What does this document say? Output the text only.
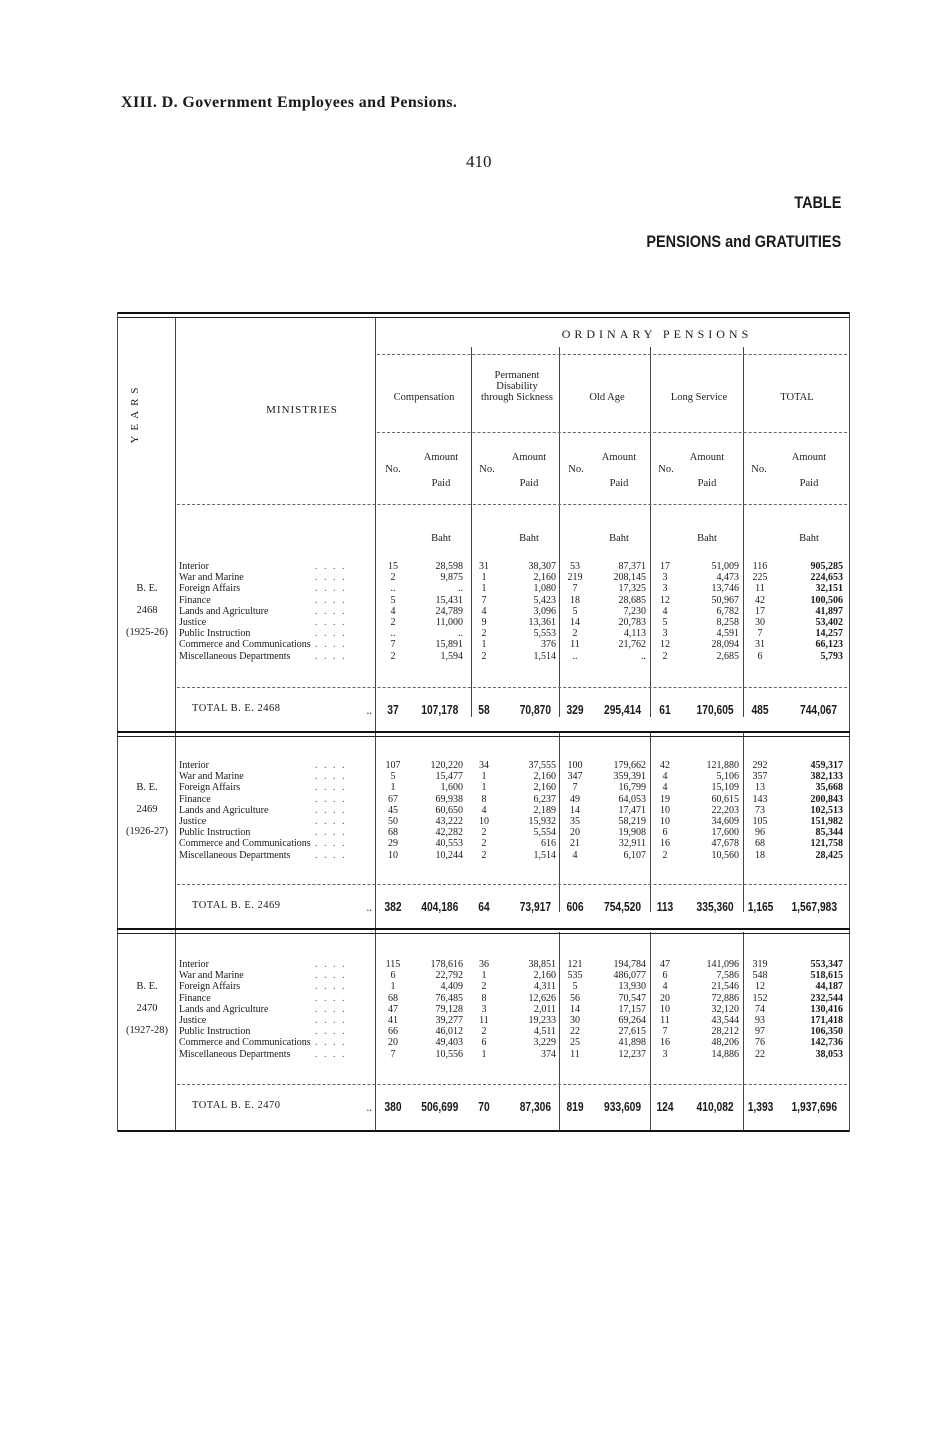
XIII. D. Government Employees and Pensions.
410
TABLE
PENSIONS and GRATUITIES
ORDINARY PENSIONS
YEARS	MINISTRIES
Compensation
Permanent Disability through Sickness	Old Age	Long Service	TOTAL
No.	No.	No.	No.	No.
Amount
Paid
Baht
Amount
Paid
Baht
Amount
Paid
Baht
Amount
Paid
Baht
Amount
Paid
Baht
B. E.
2468
(1925-26)
Interior	. . . .	15	28,598	31	38,307	53	87,371	17	51,009	116	905,285
War and Marine	. . . .	2	9,875	1	2,160	219	208,145	3	4,473	225	224,653
Foreign Affairs	. . . .	..	..	1	1,080	7	17,325	3	13,746	11	32,151
Finance	. . . .	5	15,431	7	5,423	18	28,685	12	50,967	42	100,506
Lands and Agriculture	. . . .	4	24,789	4	3,096	5	7,230	4	6,782	17	41,897
Justice	. . . .	2	11,000	9	13,361	14	20,783	5	8,258	30	53,402
Public Instruction	. . . .	..	..	2	5,553	2	4,113	3	4,591	7	14,257
Commerce and Communications . . . .	7	15,891	1	376	11	21,762	12	28,094	31	66,123
Miscellaneous Departments	. . . .	2	1,594	2	1,514	..	..	2	2,685	6	5,793
TOTAL B. E. 2468	..	37	107,178 58	70,870 329	295,414	61	170,605 485	744,067
B. E.
2469
(1926-27)
Interior	. . . .	107	120,220	34	37,555	100	179,662	42	121,880	292	459,317
War and Marine	. . . .	5	15,477	1	2,160	347	359,391	4	5,106	357	382,133
Foreign Affairs	. . . .	1	1,600	1	2,160	7	16,799	4	15,109	13	35,668
Finance	. . . .	67	69,938	8	6,237	49	64,053	19	60,615	143	200,843
Lands and Agriculture	. . . .	45	60,650	4	2,189	14	17,471	10	22,203	73	102,513
Justice	. . . .	50	43,222	10	15,932	35	58,219	10	34,609	105	151,982
Public Instruction	. . . .	68	42,282	2	5,554	20	19,908	6	17,600	96	85,344
Commerce and Communications . . . .	29	40,553	2	616	21	32,911	16	47,678	68	121,758
Miscellaneous Departments	. . . .	10	10,244	2	1,514	4	6,107	2	10,560	18	28,425
TOTAL B. E. 2469	.. 382	404,186 64	73,917 606	754,520 113	335,360 1,165	1,567,983
B. E.
2470
(1927-28)
Interior	. . . .	115	178,616	36	38,851	121	194,784	47	141,096	319	553,347
War and Marine	. . . .	6	22,792	1	2,160	535	486,077	6	7,586	548	518,615
Foreign Affairs	. . . .	1	4,409	2	4,311	5	13,930	4	21,546	12	44,187
Finance	. . . .	68	76,485	8	12,626	56	70,547	20	72,886	152	232,544
Lands and Agriculture	. . . .	47	79,128	3	2,011	14	17,157	10	32,120	74	130,416
Justice	. . . .	41	39,277	11	19,233	30	69,264	11	43,544	93	171,418
Public Instruction	. . . .	66	46,012	2	4,511	22	27,615	7	28,212	97	106,350
Commerce and Communications . . . .	20	49,403	6	3,229	25	41,898	16	48,206	76	142,736
Miscellaneous Departments	. . . .	7	10,556	1	374	11	12,237	3	14,886	22	38,053
TOTAL B. E. 2470	.. 380	506,699 70	87,306 819	933,609 124	410,082 1,393	1,937,696
